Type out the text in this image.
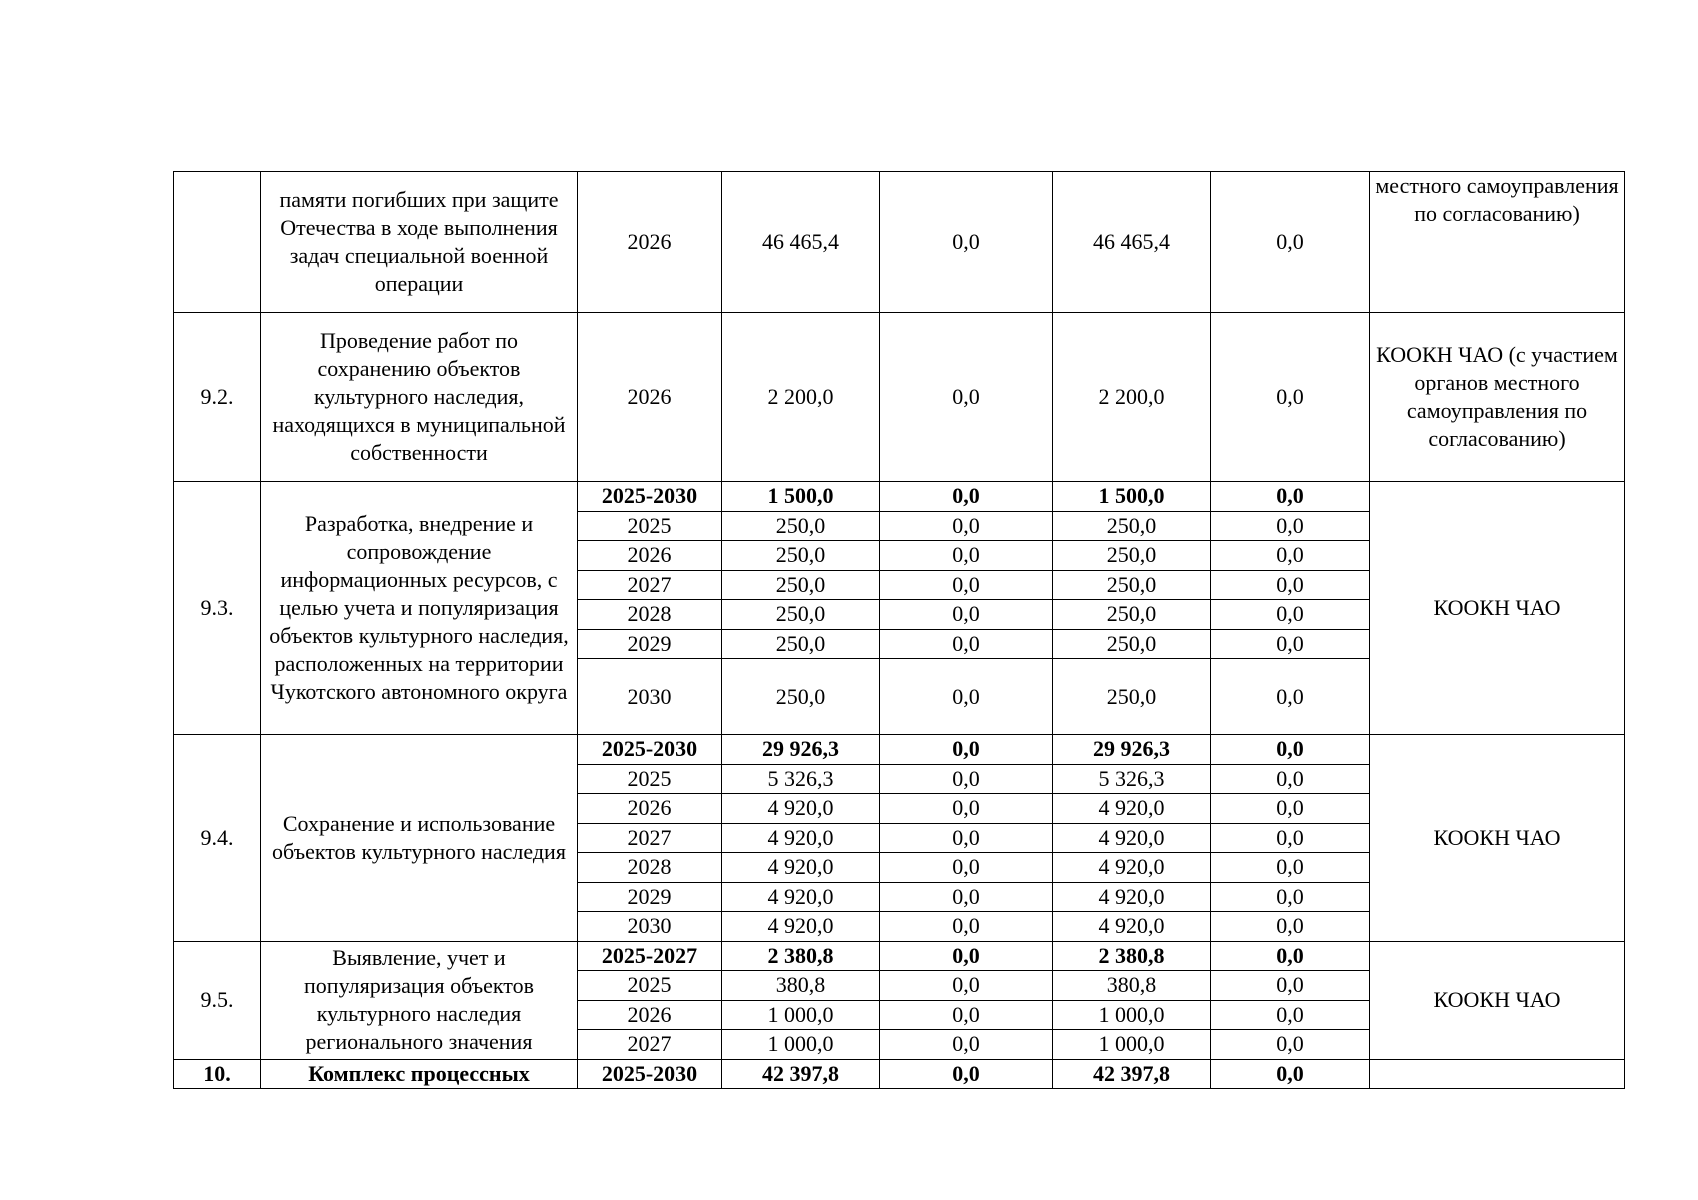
	памяти погибших при защите Отечества в ходе выполнения задач специальной военной операции	2026	46 465,4	0,0	46 465,4	0,0	местного самоуправления по согласованию)
9.2.	Проведение работ по сохранению объектов культурного наследия, находящихся в муниципальной собственности	2026	2 200,0	0,0	2 200,0	0,0	КООКН ЧАО (с участием органов местного самоуправления по согласованию)
9.3.	Разработка, внедрение и сопровождение информационных ресурсов, с целью учета и популяризация объектов культурного наследия, расположенных на территории Чукотского автономного округа	2025-2030	1 500,0	0,0	1 500,0	0,0	КООКН ЧАО
		2025	250,0	0,0	250,0	0,0	
		2026	250,0	0,0	250,0	0,0	
		2027	250,0	0,0	250,0	0,0	
		2028	250,0	0,0	250,0	0,0	
		2029	250,0	0,0	250,0	0,0	
		2030	250,0	0,0	250,0	0,0	
9.4.	Сохранение и использование объектов культурного наследия	2025-2030	29 926,3	0,0	29 926,3	0,0	КООКН ЧАО
		2025	5 326,3	0,0	5 326,3	0,0	
		2026	4 920,0	0,0	4 920,0	0,0	
		2027	4 920,0	0,0	4 920,0	0,0	
		2028	4 920,0	0,0	4 920,0	0,0	
		2029	4 920,0	0,0	4 920,0	0,0	
		2030	4 920,0	0,0	4 920,0	0,0	
9.5.	Выявление, учет и популяризация объектов культурного наследия регионального значения	2025-2027	2 380,8	0,0	2 380,8	0,0	КООКН ЧАО
		2025	380,8	0,0	380,8	0,0	
		2026	1 000,0	0,0	1 000,0	0,0	
		2027	1 000,0	0,0	1 000,0	0,0	
10.	Комплекс процессных	2025-2030	42 397,8	0,0	42 397,8	0,0	
